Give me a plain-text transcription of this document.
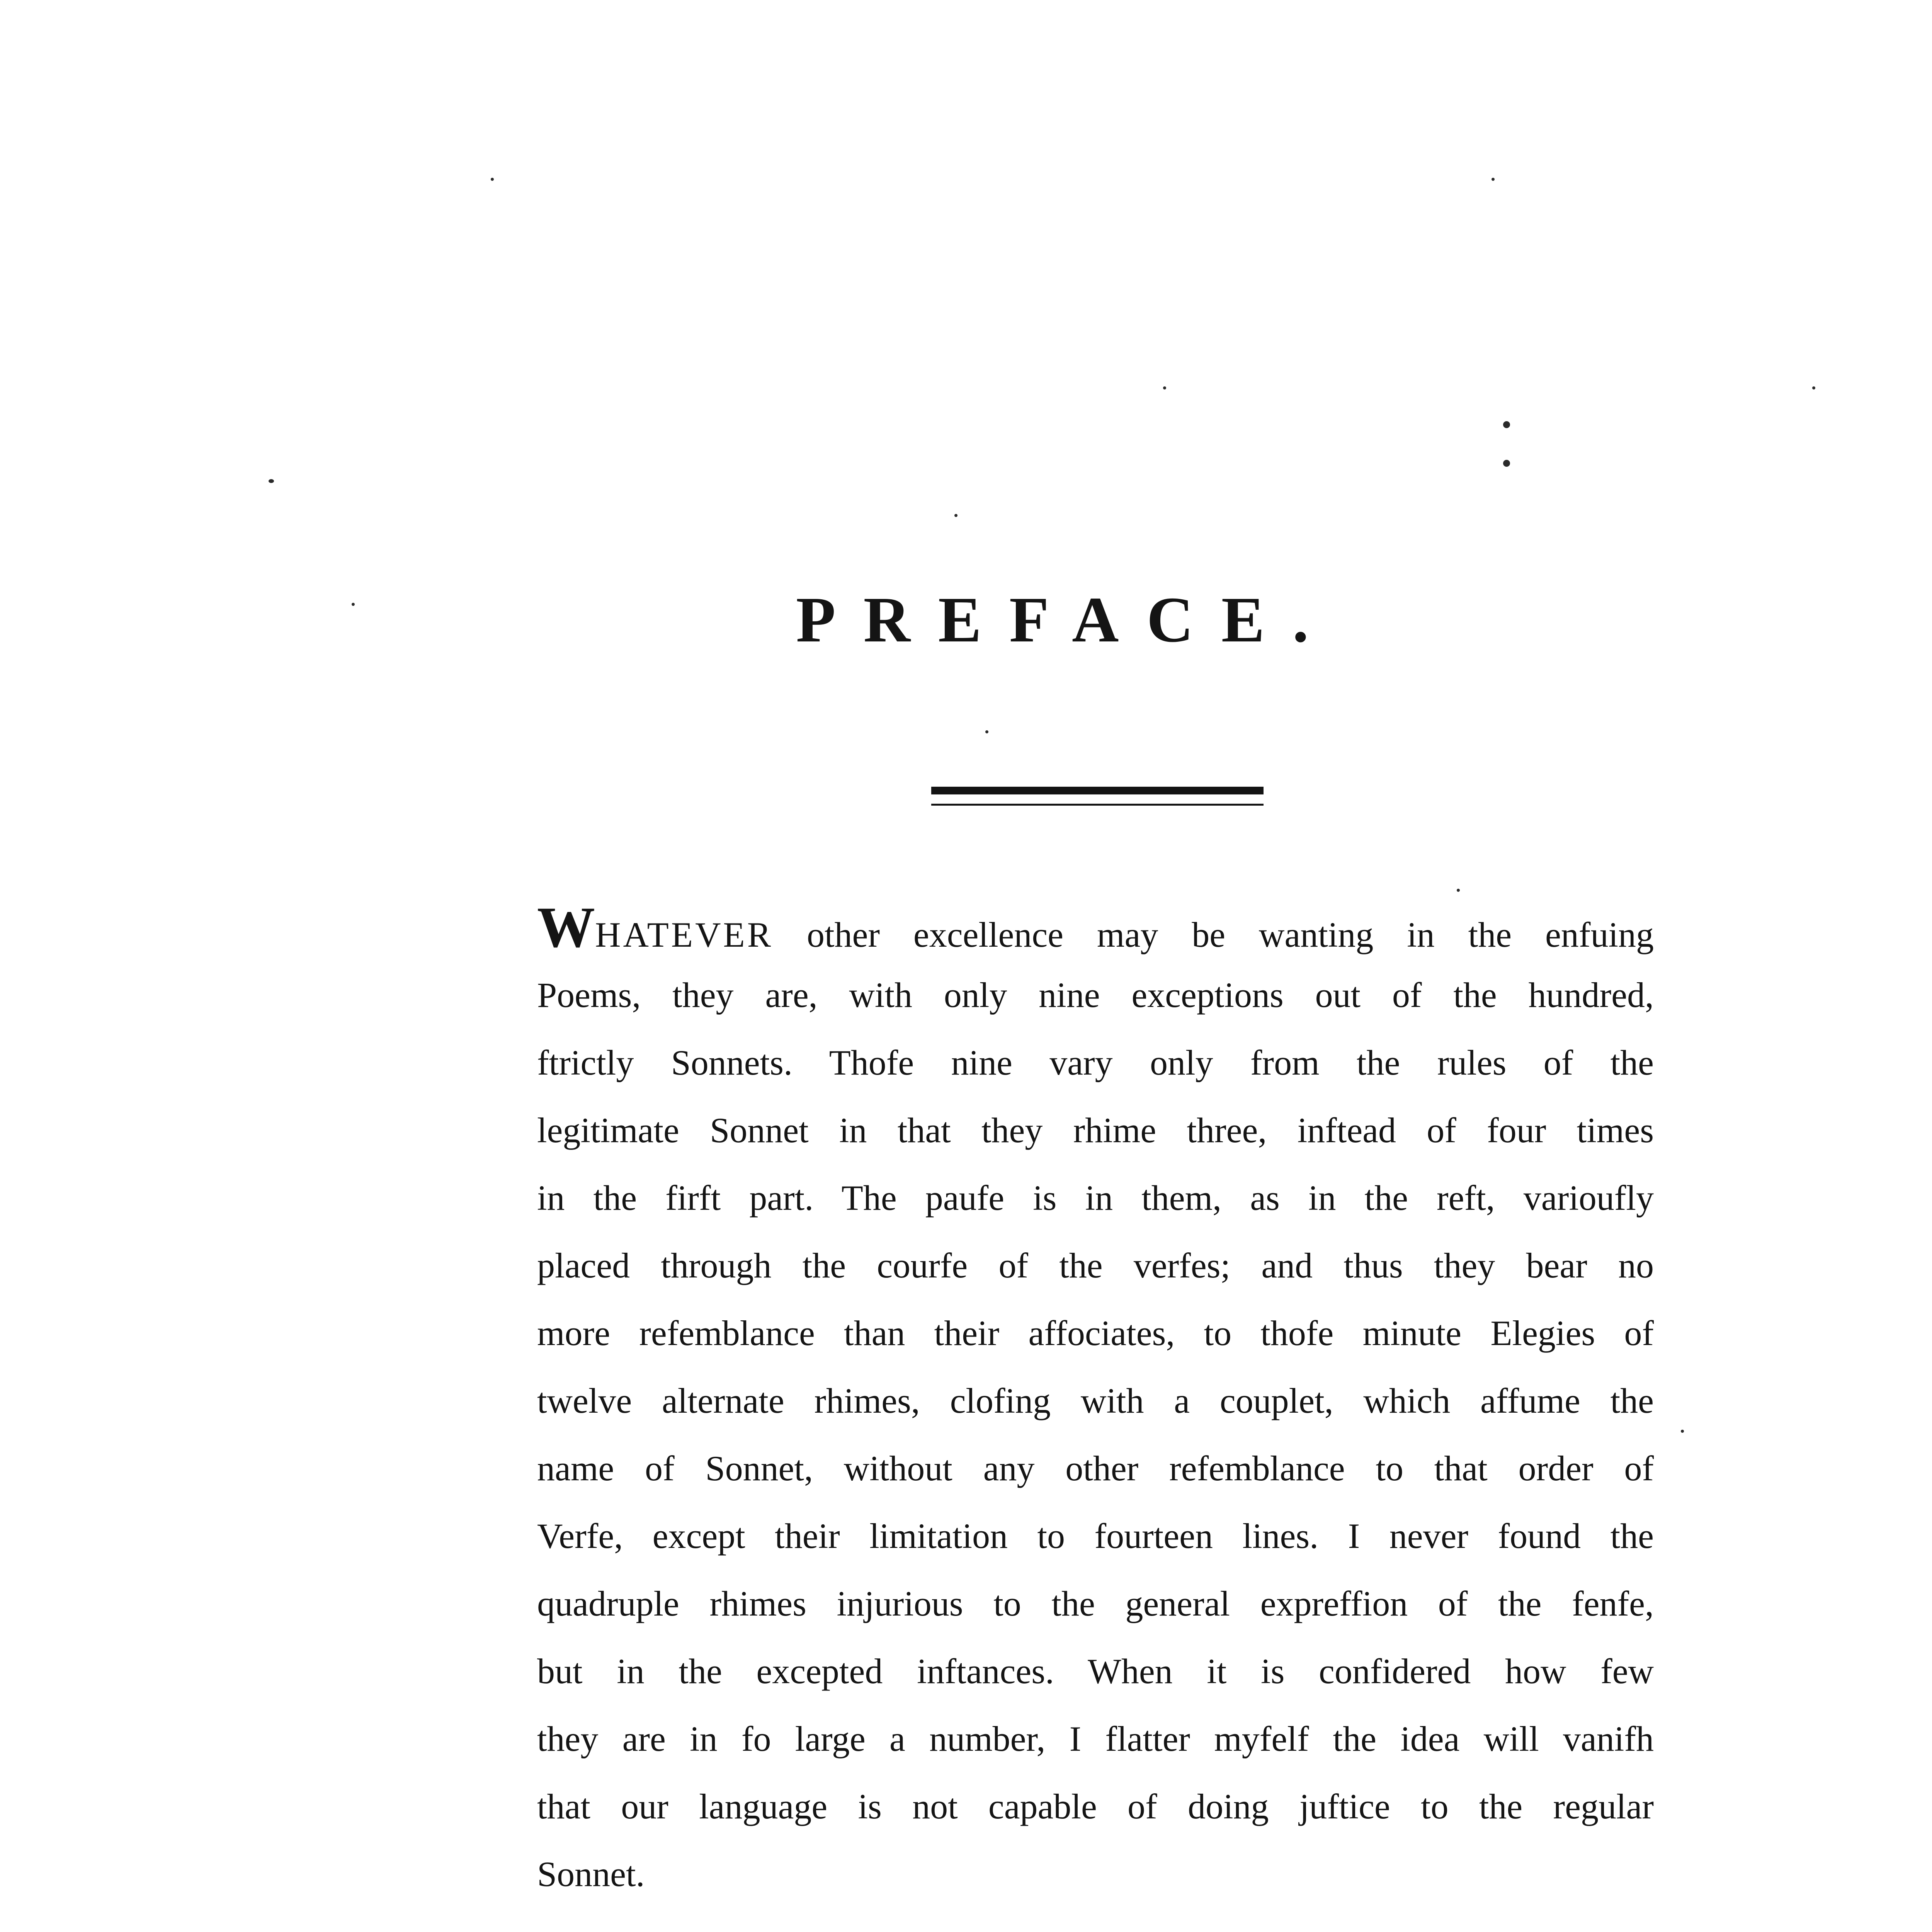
PREFACE.
WHATEVER other excellence may be wanting in the enfuing
Poems, they are, with only nine exceptions out of the hundred,
ftrictly Sonnets. Thofe nine vary only from the rules of the
legitimate Sonnet in that they rhime three, inftead of four times
in the firft part. The paufe is in them, as in the reft, varioufly
placed through the courfe of the verfes; and thus they bear no
more refemblance than their affociates, to thofe minute Elegies of
twelve alternate rhimes, clofing with a couplet, which affume the
name of Sonnet, without any other refemblance to that order of
Verfe, except their limitation to fourteen lines. I never found the
quadruple rhimes injurious to the general expreffion of the fenfe,
but in the excepted inftances. When it is confidered how few
they are in fo large a number, I flatter myfelf the idea will vanifh
that our language is not capable of doing juftice to the regular
Sonnet.
